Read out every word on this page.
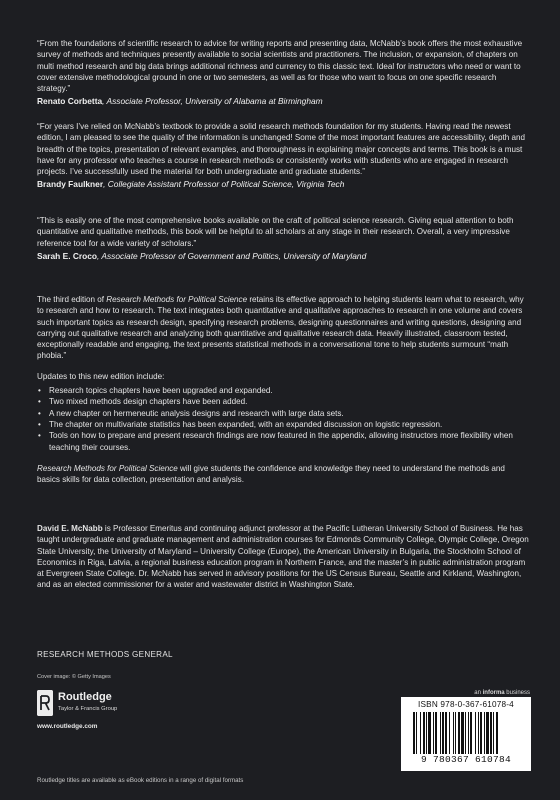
“From the foundations of scientific research to advice for writing reports and presenting data, McNabb’s book offers the most exhaustive survey of methods and techniques presently available to social scientists and practitioners. The inclusion, or expansion, of chapters on multi method research and big data brings additional richness and currency to this classic text. Ideal for instructors who need or want to cover extensive methodological ground in one or two semesters, as well as for those who want to focus on one specific research strategy.”

Renato Corbetta, Associate Professor, University of Alabama at Birmingham

“For years I’ve relied on McNabb’s textbook to provide a solid research methods foundation for my students. Having read the newest edition, I am pleased to see the quality of the information is unchanged! Some of the most important features are accessibility, depth and breadth of the topics, presentation of relevant examples, and thoroughness in explaining major concepts and terms. This book is a must have for any professor who teaches a course in research methods or consistently works with students who are engaged in research projects. I’ve successfully used the material for both undergraduate and graduate students.”

Brandy Faulkner, Collegiate Assistant Professor of Political Science, Virginia Tech

“This is easily one of the most comprehensive books available on the craft of political science research. Giving equal attention to both quantitative and qualitative methods, this book will be helpful to all scholars at any stage in their research. Overall, a very impressive reference tool for a wide variety of scholars.”

Sarah E. Croco, Associate Professor of Government and Politics, University of Maryland

The third edition of Research Methods for Political Science retains its effective approach to helping students learn what to research, why to research and how to research. The text integrates both quantitative and qualitative approaches to research in one volume and covers such important topics as research design, specifying research problems, designing questionnaires and writing questions, designing and carrying out qualitative research and analyzing both quantitative and qualitative research data. Heavily illustrated, classroom tested, exceptionally readable and engaging, the text presents statistical methods in a conversational tone to help students surmount “math phobia.”

Updates to this new edition include:

• Research topics chapters have been upgraded and expanded.
• Two mixed methods design chapters have been added.
• A new chapter on hermeneutic analysis designs and research with large data sets.
• The chapter on multivariate statistics has been expanded, with an expanded discussion on logistic regression.
• Tools on how to prepare and present research findings are now featured in the appendix, allowing instructors more flexibility when teaching their courses.

Research Methods for Political Science will give students the confidence and knowledge they need to understand the methods and basics skills for data collection, presentation and analysis.

David E. McNabb is Professor Emeritus and continuing adjunct professor at the Pacific Lutheran University School of Business. He has taught undergraduate and graduate management and administration courses for Edmonds Community College, Olympic College, Oregon State University, the University of Maryland – University College (Europe), the American University in Bulgaria, the Stockholm School of Economics in Riga, Latvia, a regional business education program in Northern France, and the master’s in public administration program at Evergreen State College. Dr. McNabb has served in advisory positions for the US Census Bureau, Seattle and Kirkland, Washington, and as an elected commissioner for a water and wastewater district in Washington State.

RESEARCH METHODS GENERAL
Cover image: © Getty Images
Routledge
Taylor & Francis Group
www.routledge.com
an informa business
ISBN 978-0-367-61078-4
9 780367 610784
Routledge titles are available as eBook editions in a range of digital formats
